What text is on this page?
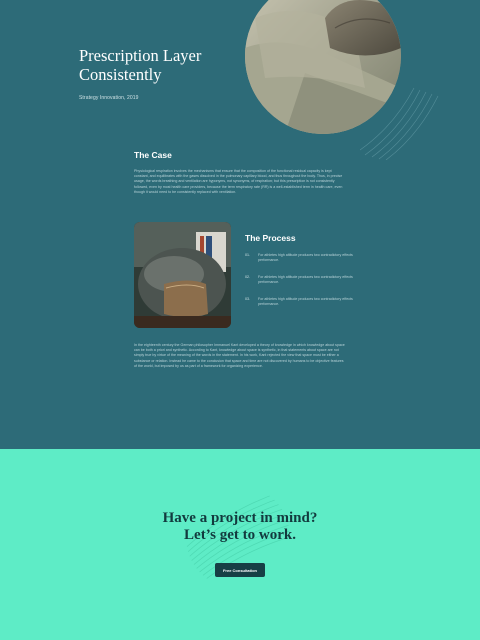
Prescription Layer Consistently
Strategy Innovation, 2019
The Case

Physiological respiration involves the mechanisms that ensure that the composition of the functional residual capacity is kept constant, and equilibrates with the gases dissolved in the pulmonary capillary blood, and thus throughout the body. Thus, in precise usage, the words breathing and ventilation are hyponyms, not synonyms, of respiration; but this prescription is not consistently followed, even by most health care providers, because the term respiratory rate (RR) is a well-established term in health care, even though it would need to be consistently replaced with ventilation.

The Process
01.	For athletes high altitude produces two contradictory effects performance.
02.	For athletes high altitude produces two contradictory effects performance.
03.	For athletes high altitude produces two contradictory effects performance.

In the eighteenth century the German philosopher Immanuel Kant developed a theory of knowledge in which knowledge about space can be both a priori and synthetic. According to Kant, knowledge about space is synthetic, in that statements about space are not simply true by virtue of the meaning of the words in the statement. In his work, Kant rejected the view that space must be either a substance or relation. Instead he came to the conclusion that space and time are not discovered by humans to be objective features of the world, but imposed by us as part of a framework for organizing experience.

Have a project in mind?
Let’s get to work.
Free Consultation
